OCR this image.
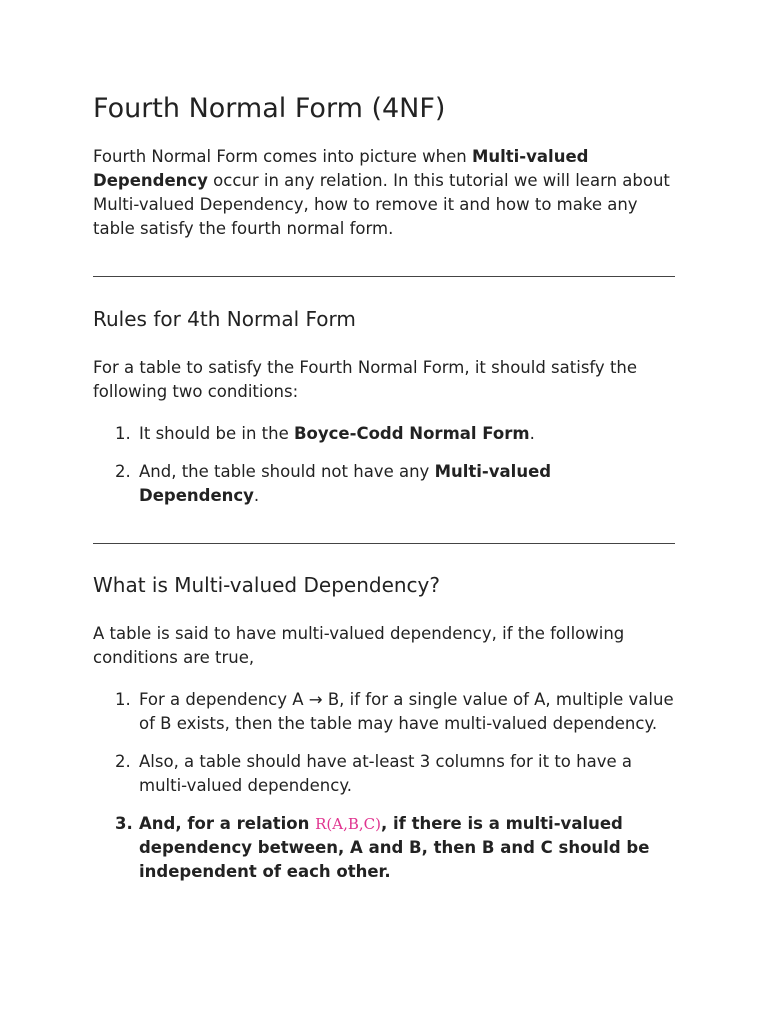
Fourth Normal Form (4NF)

Fourth Normal Form comes into picture when Multi-valued Dependency occur in any relation. In this tutorial we will learn about Multi-valued Dependency, how to remove it and how to make any table satisfy the fourth normal form.

Rules for 4th Normal Form

For a table to satisfy the Fourth Normal Form, it should satisfy the following two conditions:

1. It should be in the Boyce-Codd Normal Form.
2. And, the table should not have any Multi-valued Dependency.
What is Multi-valued Dependency?

A table is said to have multi-valued dependency, if the following conditions are true,

1. For a dependency A → B, if for a single value of A, multiple value of B exists, then the table may have multi-valued dependency.
2. Also, a table should have at-least 3 columns for it to have a multi-valued dependency.
3. And, for a relation R(A,B,C), if there is a multi-valued dependency between, A and B, then B and C should be independent of each other.
